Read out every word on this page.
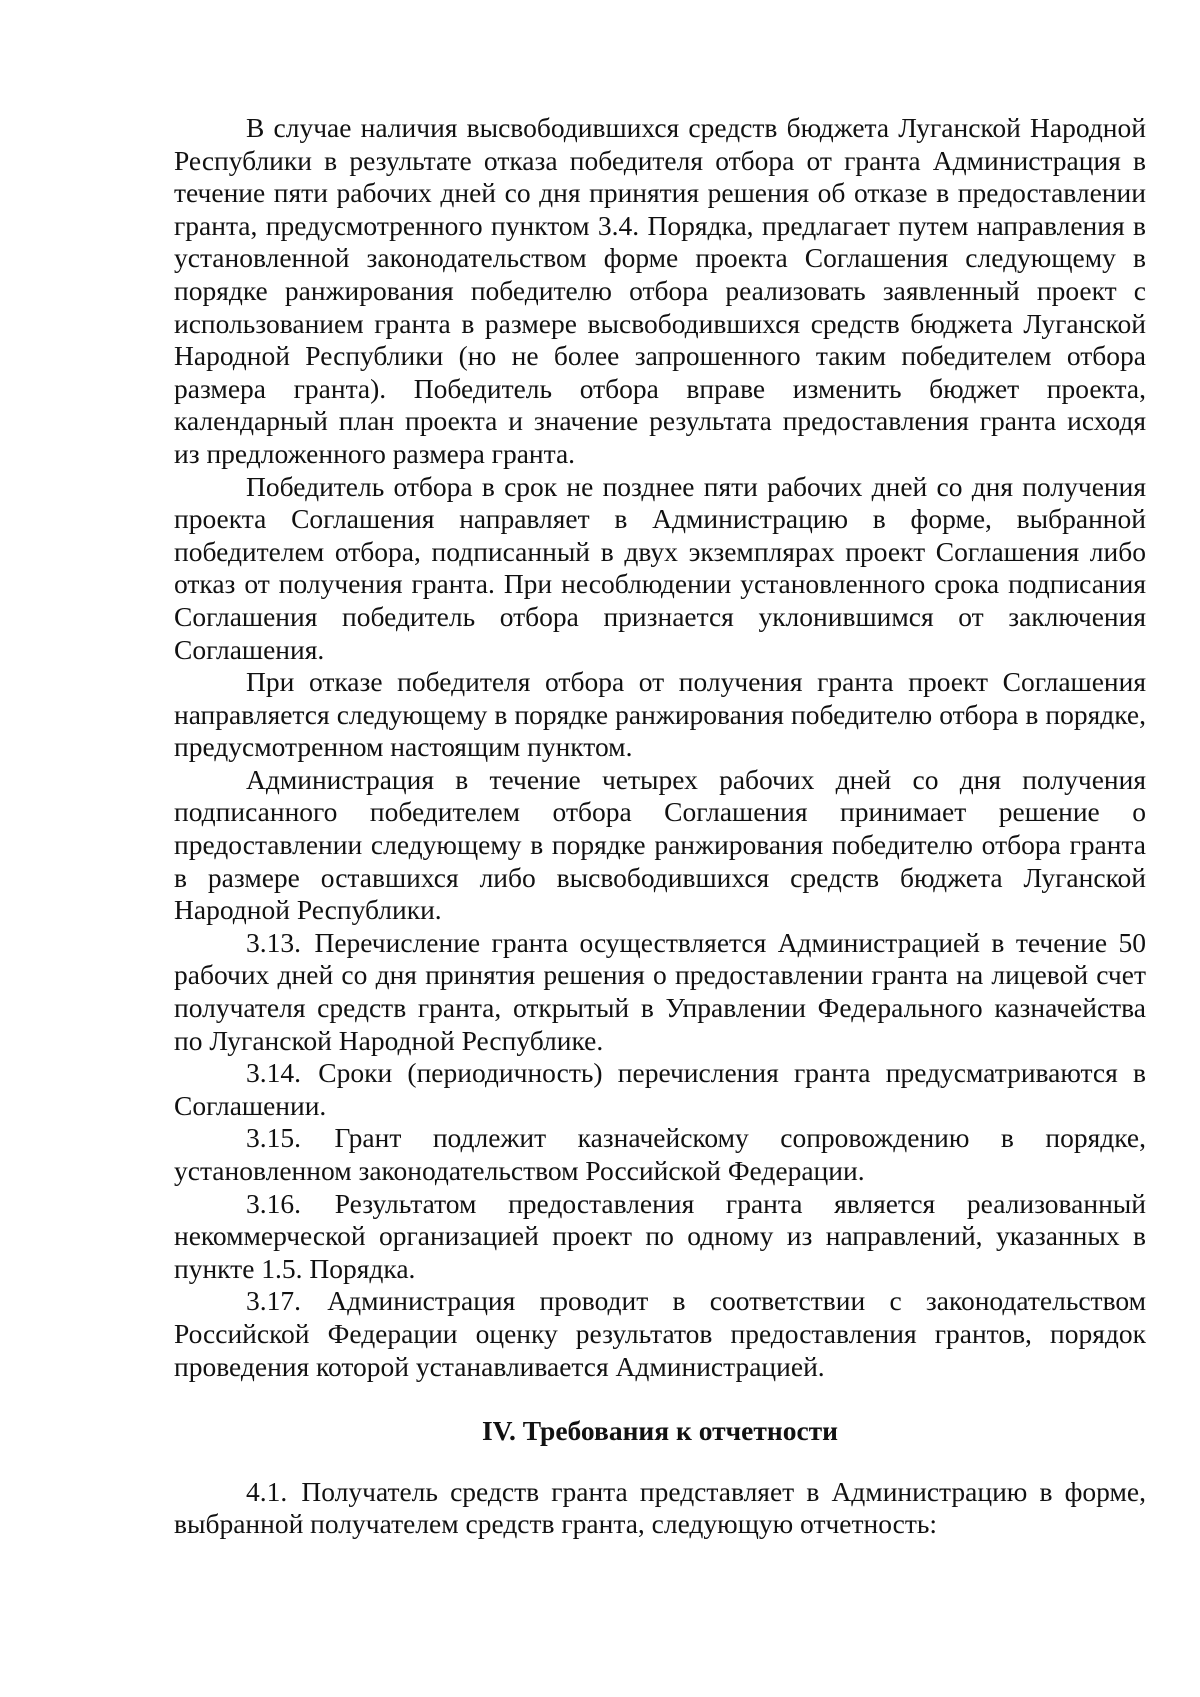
В случае наличия высвободившихся средств бюджета Луганской Народной Республики в результате отказа победителя отбора от гранта Администрация в течение пяти рабочих дней со дня принятия решения об отказе в предоставлении гранта, предусмотренного пунктом 3.4. Порядка, предлагает путем направления в установленной законодательством форме проекта Соглашения следующему в порядке ранжирования победителю отбора реализовать заявленный проект с использованием гранта в размере высвободившихся средств бюджета Луганской Народной Республики (но не более запрошенного таким победителем отбора размера гранта). Победитель отбора вправе изменить бюджет проекта, календарный план проекта и значение результата предоставления гранта исходя из предложенного размера гранта.

Победитель отбора в срок не позднее пяти рабочих дней со дня получения проекта Соглашения направляет в Администрацию в форме, выбранной победителем отбора, подписанный в двух экземплярах проект Соглашения либо отказ от получения гранта. При несоблюдении установленного срока подписания Соглашения победитель отбора признается уклонившимся от заключения Соглашения.

При отказе победителя отбора от получения гранта проект Соглашения направляется следующему в порядке ранжирования победителю отбора в порядке, предусмотренном настоящим пунктом.

Администрация в течение четырех рабочих дней со дня получения подписанного победителем отбора Соглашения принимает решение о предоставлении следующему в порядке ранжирования победителю отбора гранта в размере оставшихся либо высвободившихся средств бюджета Луганской Народной Республики.

3.13. Перечисление гранта осуществляется Администрацией в течение 50 рабочих дней со дня принятия решения о предоставлении гранта на лицевой счет получателя средств гранта, открытый в Управлении Федерального казначейства по Луганской Народной Республике.

3.14. Сроки (периодичность) перечисления гранта предусматриваются в Соглашении.

3.15. Грант подлежит казначейскому сопровождению в порядке, установленном законодательством Российской Федерации.

3.16. Результатом предоставления гранта является реализованный некоммерческой организацией проект по одному из направлений, указанных в пункте 1.5. Порядка.

3.17. Администрация проводит в соответствии с законодательством Российской Федерации оценку результатов предоставления грантов, порядок проведения которой устанавливается Администрацией.

IV. Требования к отчетности

4.1. Получатель средств гранта представляет в Администрацию в форме, выбранной получателем средств гранта, следующую отчетность:
